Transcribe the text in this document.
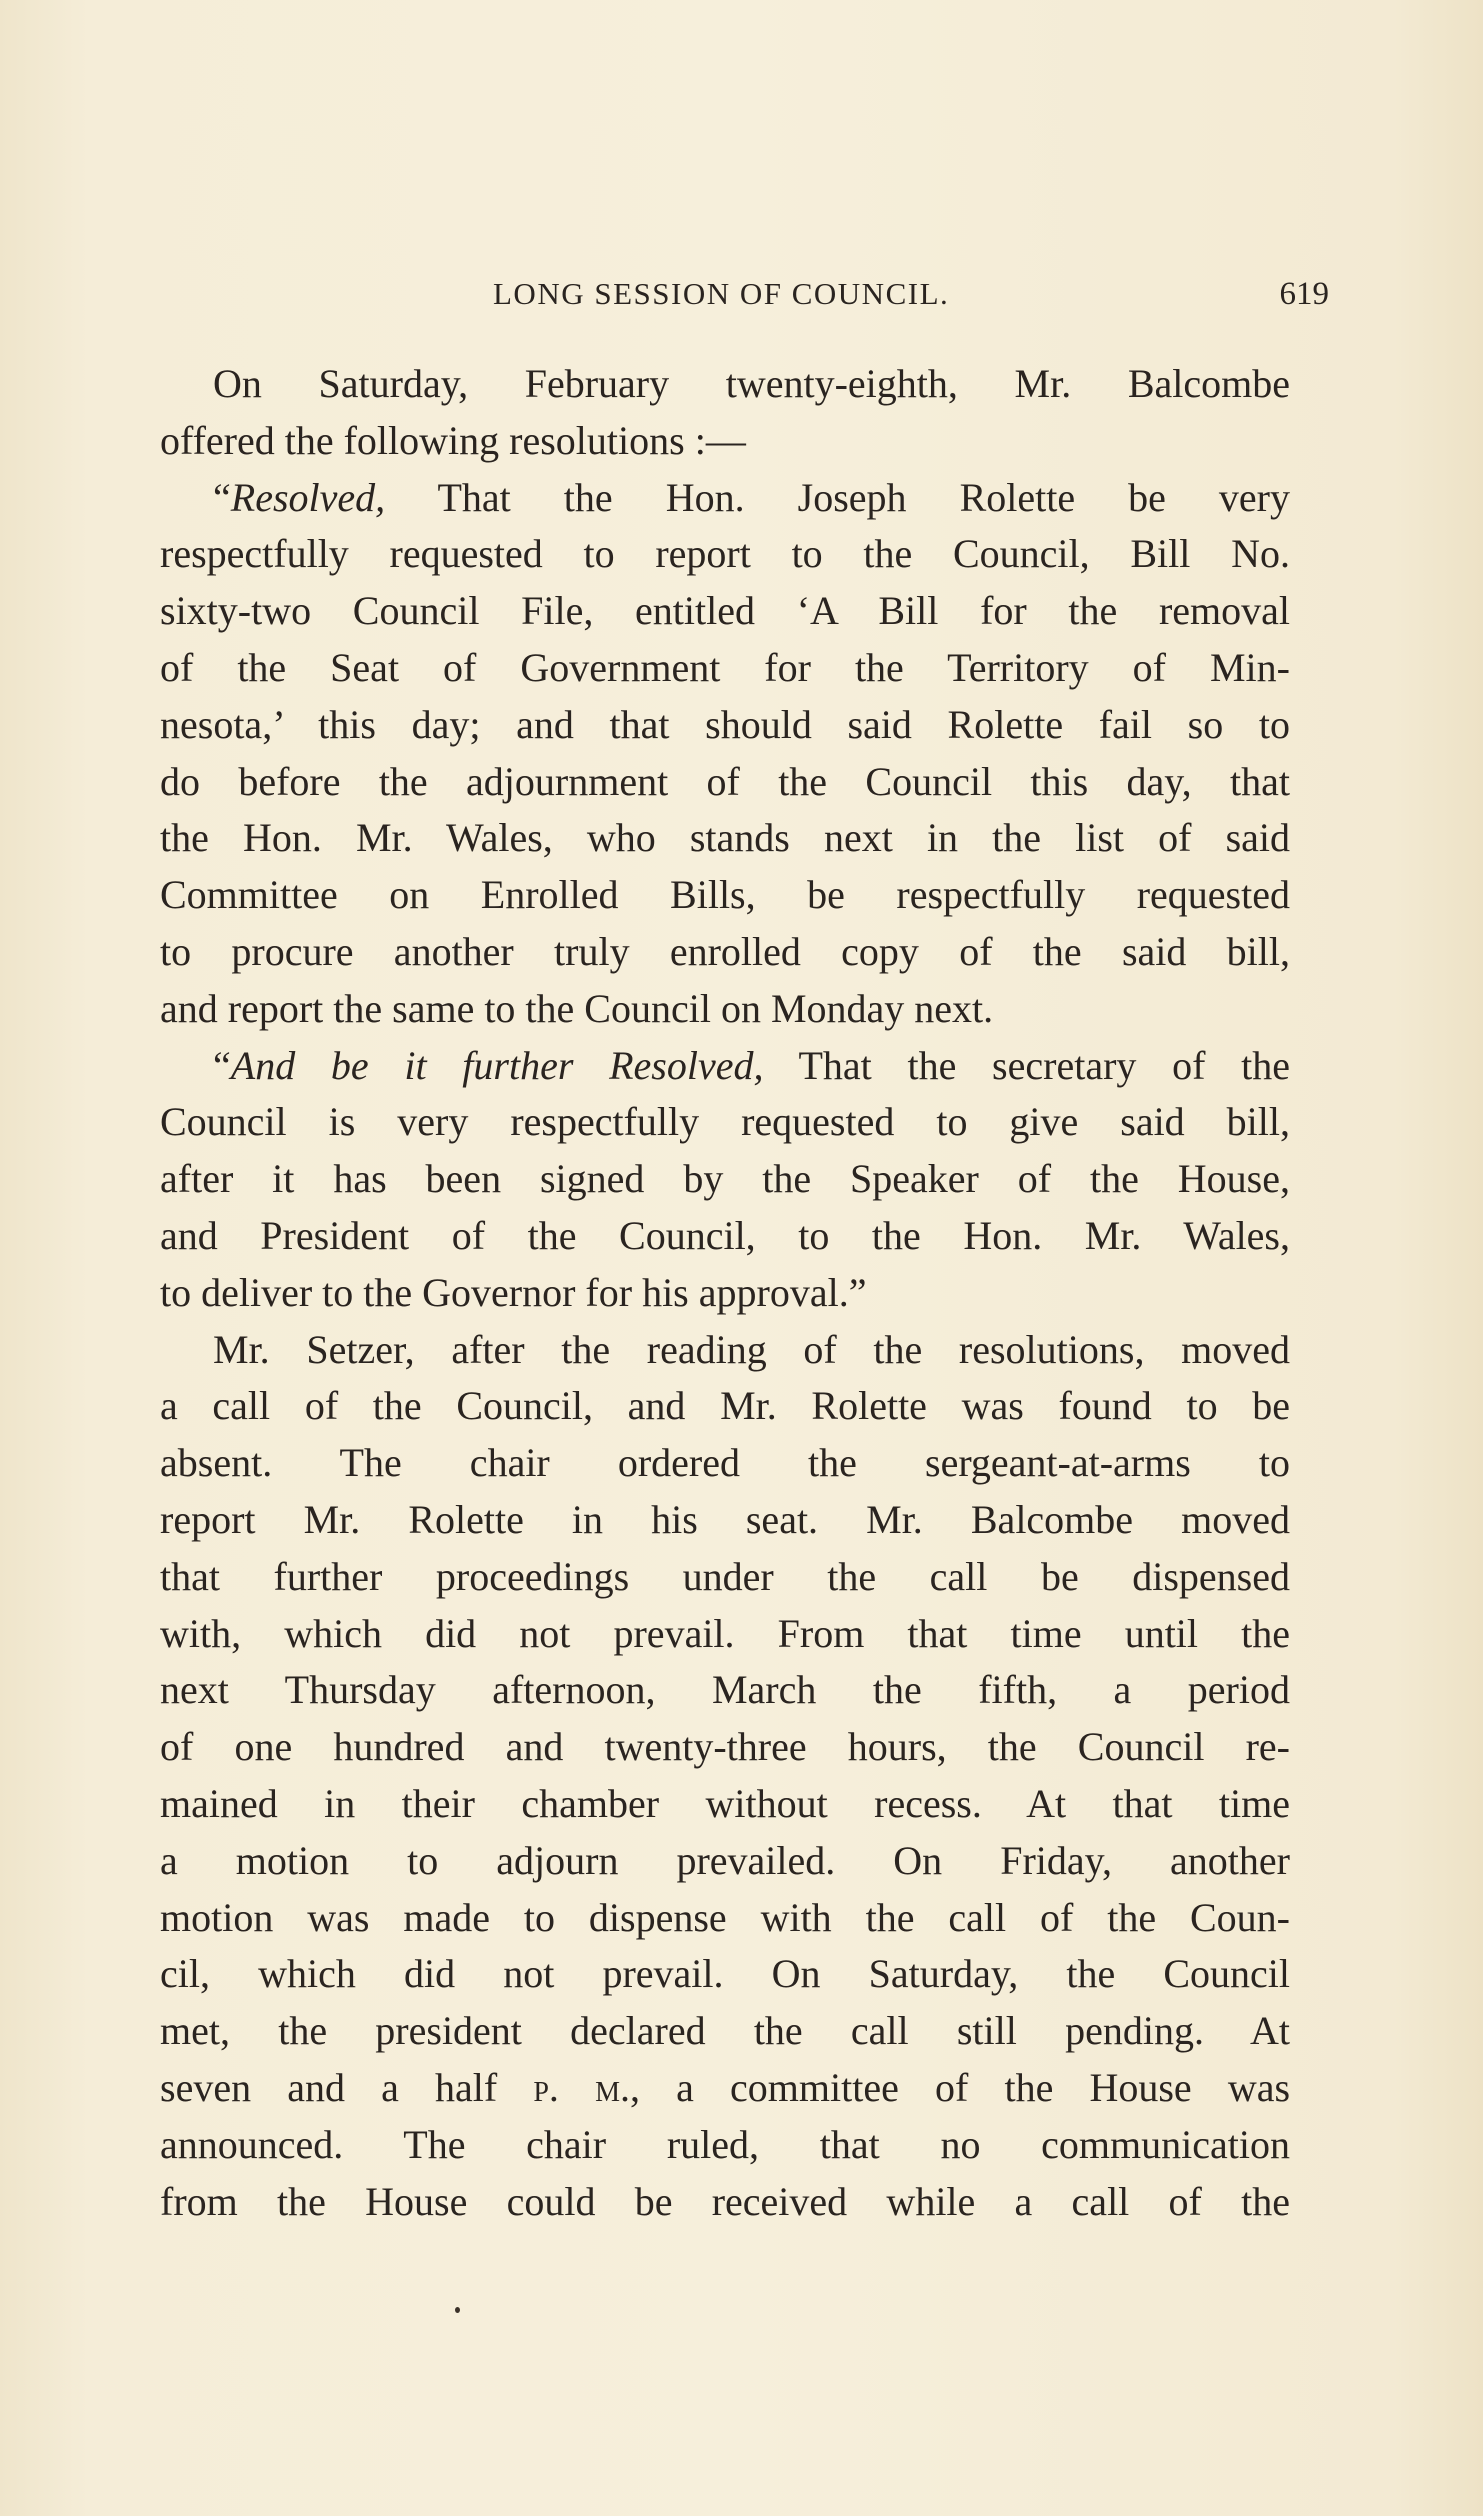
LONG SESSION OF COUNCIL.	619
On Saturday, February twenty-eighth, Mr. Balcombe
offered the following resolutions :—
“Resolved, That the Hon. Joseph Rolette be very
respectfully requested to report to the Council, Bill No.
sixty-two Council File, entitled ‘A Bill for the removal
of the Seat of Government for the Territory of Min-
nesota,’ this day; and that should said Rolette fail so to
do before the adjournment of the Council this day, that
the Hon. Mr. Wales, who stands next in the list of said
Committee on Enrolled Bills, be respectfully requested
to procure another truly enrolled copy of the said bill,
and report the same to the Council on Monday next.
“And be it further Resolved, That the secretary of the
Council is very respectfully requested to give said bill,
after it has been signed by the Speaker of the House,
and President of the Council, to the Hon. Mr. Wales,
to deliver to the Governor for his approval.”
Mr. Setzer, after the reading of the resolutions, moved
a call of the Council, and Mr. Rolette was found to be
absent. The chair ordered the sergeant-at-arms to
report Mr. Rolette in his seat. Mr. Balcombe moved
that further proceedings under the call be dispensed
with, which did not prevail. From that time until the
next Thursday afternoon, March the fifth, a period
of one hundred and twenty-three hours, the Council re-
mained in their chamber without recess. At that time
a motion to adjourn prevailed. On Friday, another
motion was made to dispense with the call of the Coun-
cil, which did not prevail. On Saturday, the Council
met, the president declared the call still pending. At
seven and a half p. m., a committee of the House was
announced. The chair ruled, that no communication
from the House could be received while a call of the
